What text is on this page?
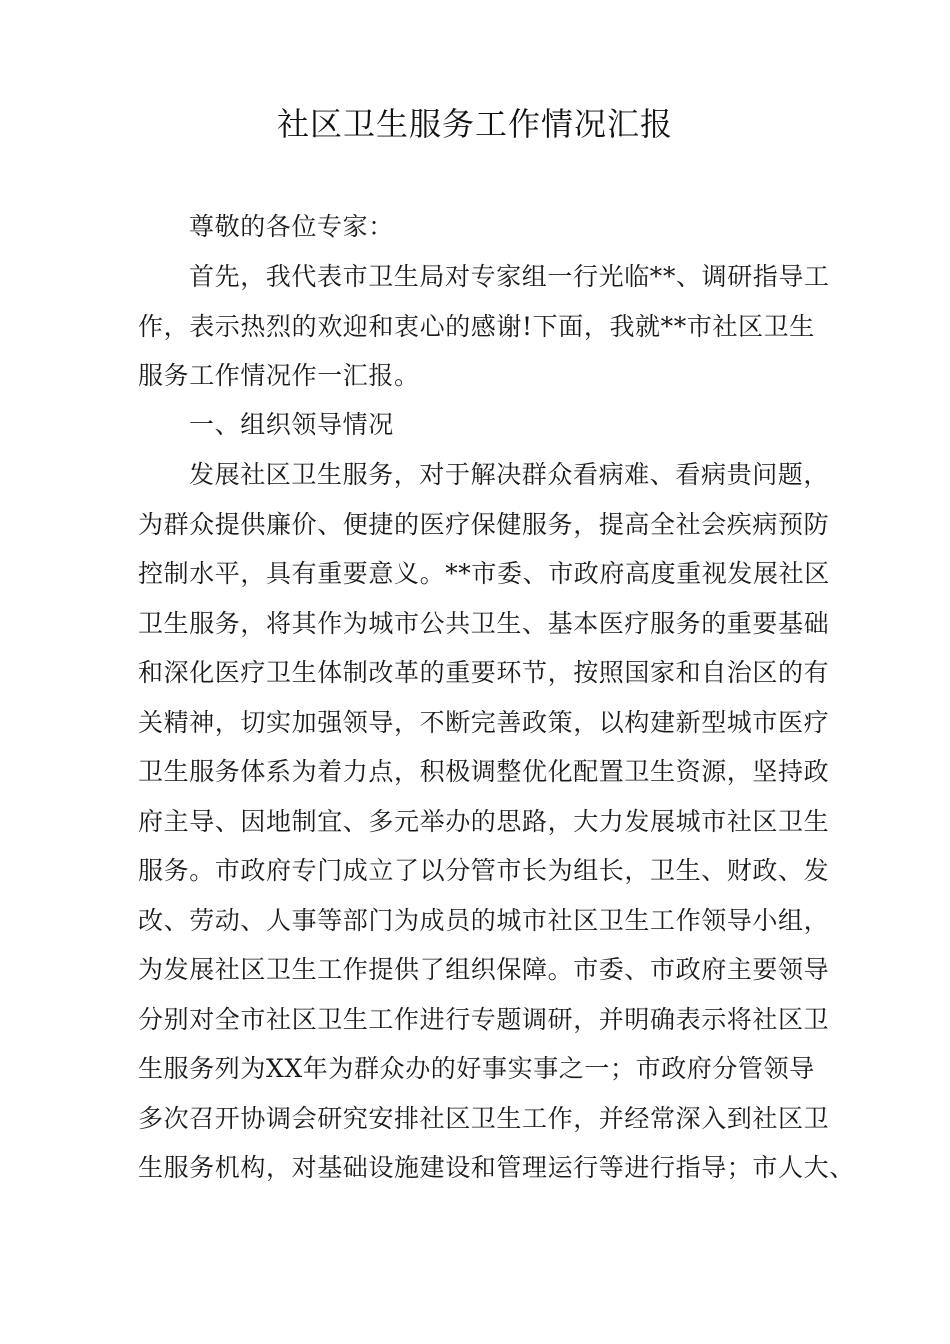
社区卫生服务工作情况汇报
尊敬的各位专家：
首先，我代表市卫生局对专家组一行光临**、调研指导工
作，表示热烈的欢迎和衷心的感谢!下面，我就**市社区卫生
服务工作情况作一汇报。
一、组织领导情况
发展社区卫生服务，对于解决群众看病难、看病贵问题，
为群众提供廉价、便捷的医疗保健服务，提高全社会疾病预防
控制水平，具有重要意义。**市委、市政府高度重视发展社区
卫生服务，将其作为城市公共卫生、基本医疗服务的重要基础
和深化医疗卫生体制改革的重要环节，按照国家和自治区的有
关精神，切实加强领导，不断完善政策，以构建新型城市医疗
卫生服务体系为着力点，积极调整优化配置卫生资源，坚持政
府主导、因地制宜、多元举办的思路，大力发展城市社区卫生
服务。市政府专门成立了以分管市长为组长，卫生、财政、发
改、劳动、人事等部门为成员的城市社区卫生工作领导小组，
为发展社区卫生工作提供了组织保障。市委、市政府主要领导
分别对全市社区卫生工作进行专题调研，并明确表示将社区卫
生服务列为XX年为群众办的好事实事之一；市政府分管领导
多次召开协调会研究安排社区卫生工作，并经常深入到社区卫
生服务机构，对基础设施建设和管理运行等进行指导；市人大、
